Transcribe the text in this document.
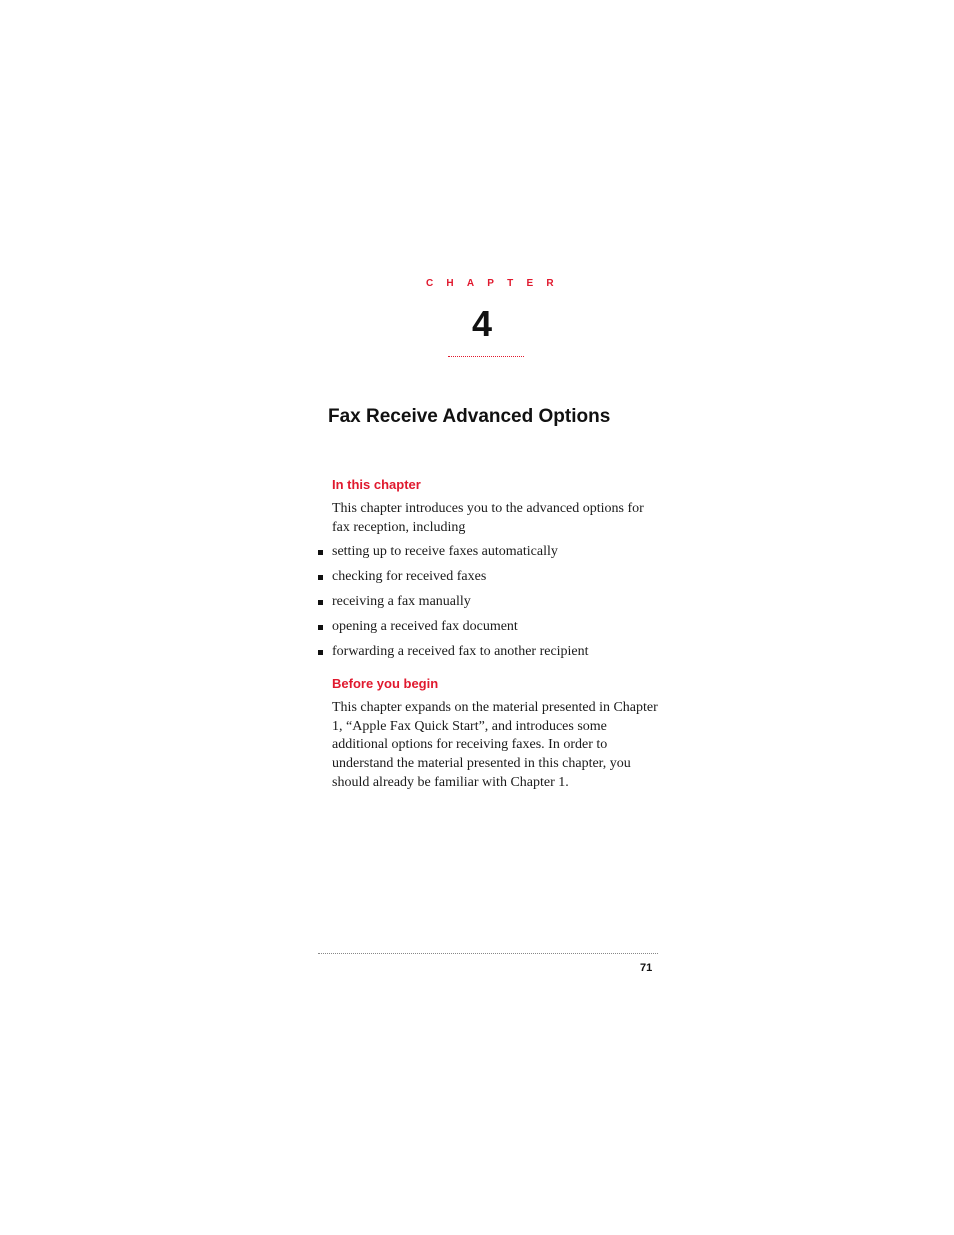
CHAPTER
4
Fax Receive Advanced Options
In this chapter

This chapter introduces you to the advanced options for fax reception, including

setting up to receive faxes automatically
checking for received faxes
receiving a fax manually
opening a received fax document
forwarding a received fax to another recipient
Before you begin

This chapter expands on the material presented in Chapter 1, “Apple Fax Quick Start”, and introduces some additional options for receiving faxes. In order to understand the material presented in this chapter, you should already be familiar with Chapter 1.

71
